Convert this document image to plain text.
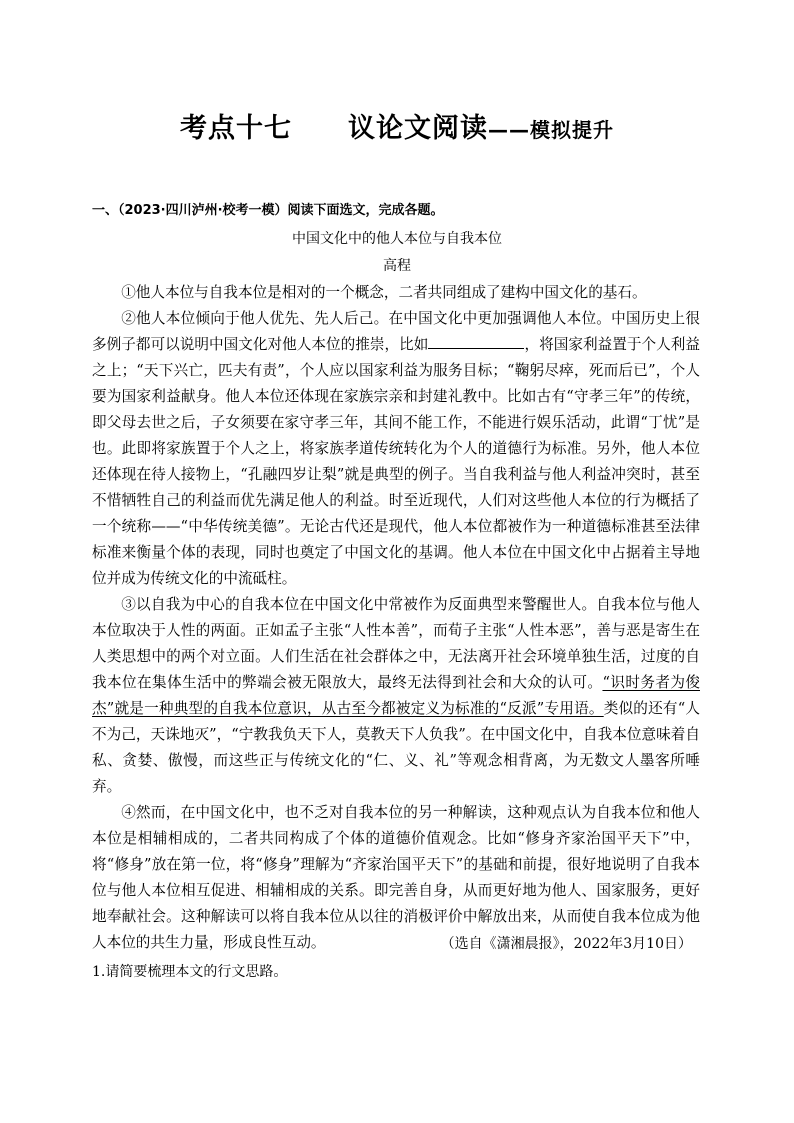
考点十七 议论文阅读——模拟提升
一、（2023·四川泸州·校考一模）阅读下面选文，完成各题。
中国文化中的他人本位与自我本位
高程

①他人本位与自我本位是相对的一个概念，二者共同组成了建构中国文化的基石。

②他人本位倾向于他人优先、先人后己。在中国文化中更加强调他人本位。中国历史上很多例子都可以说明中国文化对他人本位的推崇，比如	，将国家利益置于个人利益之上；“天下兴亡，匹夫有责”，个人应以国家利益为服务目标；“鞠躬尽瘁，死而后已”，个人要为国家利益献身。他人本位还体现在家族宗亲和封建礼教中。比如古有“守孝三年”的传统，即父母去世之后，子女须要在家守孝三年，其间不能工作，不能进行娱乐活动，此谓“丁忧”是也。此即将家族置于个人之上，将家族孝道传统转化为个人的道德行为标准。另外，他人本位还体现在待人接物上，“孔融四岁让梨”就是典型的例子。当自我利益与他人利益冲突时，甚至不惜牺牲自己的利益而优先满足他人的利益。时至近现代，人们对这些他人本位的行为概括了一个统称——“中华传统美德”。无论古代还是现代，他人本位都被作为一种道德标准甚至法律标准来衡量个体的表现，同时也奠定了中国文化的基调。他人本位在中国文化中占据着主导地位并成为传统文化的中流砥柱。

③以自我为中心的自我本位在中国文化中常被作为反面典型来警醒世人。自我本位与他人本位取决于人性的两面。正如孟子主张“人性本善”，而荀子主张“人性本恶”，善与恶是寄生在人类思想中的两个对立面。人们生活在社会群体之中，无法离开社会环境单独生活，过度的自我本位在集体生活中的弊端会被无限放大，最终无法得到社会和大众的认可。“识时务者为俊杰”就是一种典型的自我本位意识，从古至今都被定义为标准的“反派”专用语。类似的还有“人不为己，天诛地灭”，“宁教我负天下人，莫教天下人负我”。在中国文化中，自我本位意味着自私、贪婪、傲慢，而这些正与传统文化的“仁、义、礼”等观念相背离，为无数文人墨客所唾弃。

④然而，在中国文化中，也不乏对自我本位的另一种解读，这种观点认为自我本位和他人本位是相辅相成的，二者共同构成了个体的道德价值观念。比如“修身齐家治国平天下”中，将“修身”放在第一位，将“修身”理解为“齐家治国平天下”的基础和前提，很好地说明了自我本位与他人本位相互促进、相辅相成的关系。即完善自身，从而更好地为他人、国家服务，更好地奉献社会。这种解读可以将自我本位从以往的消极评价中解放出来，从而使自我本位成为他人本位的共生力量，形成良性互动。	（选自《潇湘晨报》，2022年3月10日）
1.请简要梳理本文的行文思路。
